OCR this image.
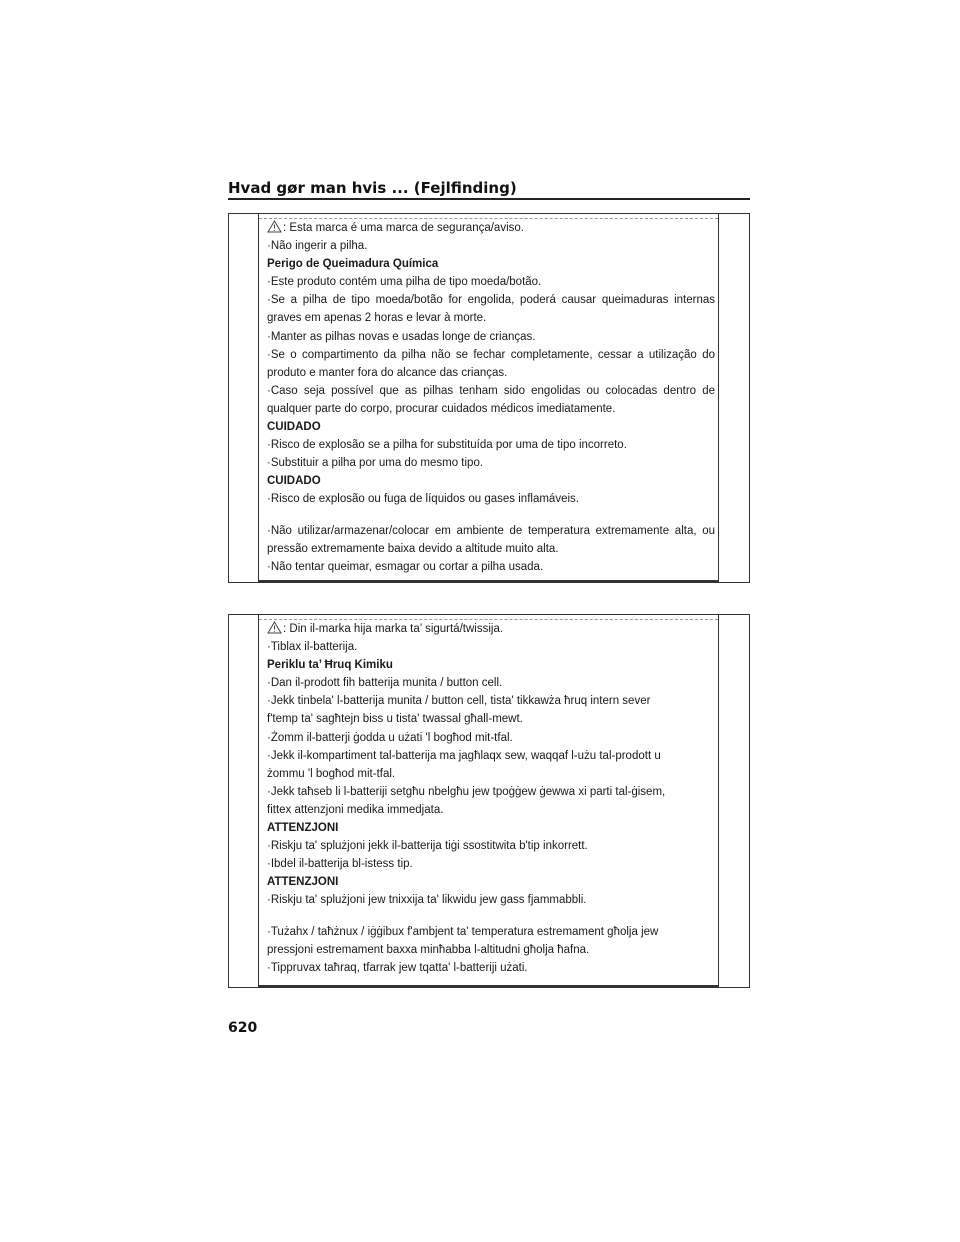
Hvad gør man hvis ... (Fejlfinding)

: Esta marca é uma marca de segurança/aviso.

·Não ingerir a pilha.

Perigo de Queimadura Química

·Este produto contém uma pilha de tipo moeda/botão.

·Se a pilha de tipo moeda/botão for engolida, poderá causar queimaduras internas graves em apenas 2 horas e levar à morte.

·Manter as pilhas novas e usadas longe de crianças.

·Se o compartimento da pilha não se fechar completamente, cessar a utilização do produto e manter fora do alcance das crianças.

·Caso seja possível que as pilhas tenham sido engolidas ou colocadas dentro de qualquer parte do corpo, procurar cuidados médicos imediatamente.

CUIDADO

·Risco de explosão se a pilha for substituída por uma de tipo incorreto.

·Substituir a pilha por uma do mesmo tipo.

CUIDADO

·Risco de explosão ou fuga de líquidos ou gases inflamáveis.

·Não utilizar/armazenar/colocar em ambiente de temperatura extremamente alta, ou pressão extremamente baixa devido a altitude muito alta.

·Não tentar queimar, esmagar ou cortar a pilha usada.

: Din il-marka hija marka ta’ sigurtá/twissija.

·Tiblax il-batterija.

Periklu ta’ Ħruq Kimiku

·Dan il-prodott fih batterija munita / button cell.

·Jekk tinbela' l-batterija munita / button cell, tista' tikkawża ħruq intern sever

f'temp ta' sagħtejn biss u tista' twassal għall-mewt.

·Żomm il-batterji ġodda u użati 'l bogħod mit-tfal.

·Jekk il-kompartiment tal-batterija ma jagħlaqx sew, waqqaf l-użu tal-prodott u

żommu 'l bogħod mit-tfal.

·Jekk taħseb li l-batteriji setgħu nbelgħu jew tpoġġew ġewwa xi parti tal-ġisem,

fittex attenzjoni medika immedjata.

ATTENZJONI

·Riskju ta' splużjoni jekk il-batterija tiġi ssostitwita b'tip inkorrett.

·Ibdel il-batterija bl-istess tip.

ATTENZJONI

·Riskju ta' splużjoni jew tnixxija ta' likwidu jew gass fjammabbli.

·Tużahx / taħżnux / iġġibux f'ambjent ta' temperatura estremament għolja jew

pressjoni estremament baxxa minħabba l-altitudni għolja ħafna.

·Tippruvax taħraq, tfarrak jew tqatta' l-batteriji użati.

620
